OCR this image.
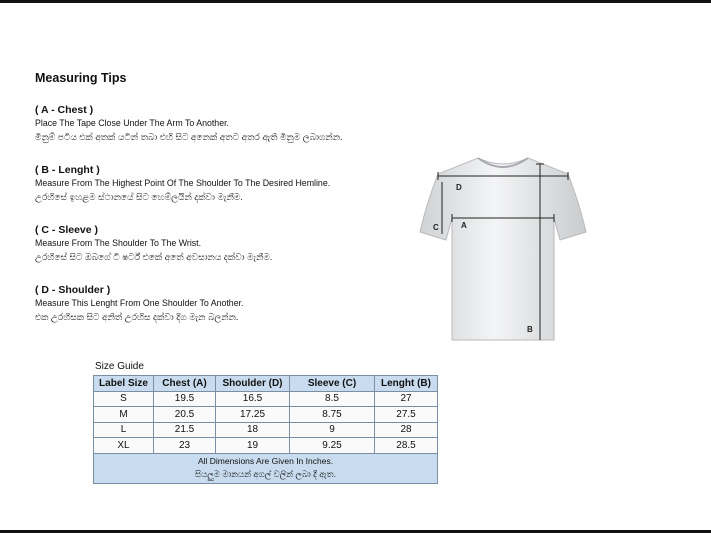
Measuring Tips
( A - Chest )
Place The Tape Close Under The Arm To Another.
මිනුම් පටිය එක් අතක් යටින් තබා එහි සිට අනෙක් අතට අතර ඇති මිනුම ලබාගන්න.
( B - Lenght )
Measure From The Highest Point Of The Shoulder To The Desired Hemline.
උරහිසේ ඉහළම ස්ථානයේ සිට හෙම්ලයින් දක්වා මැනීම.
( C - Sleeve )
Measure From The Shoulder To The Wrist.
උරහිසේ සිට ඔබගේ ටී ෂර්ට් එකේ අතේ අවසානය දක්වා මැනීම.
( D - Shoulder )
Measure This Lenght From One Shoulder To Another.
එක උරහිසක සිට අනිත් උරහිස දක්වා දිග මැන බලන්න.
D
A
C
B
Size Guide
Label Size	Chest (A)	Shoulder (D)	Sleeve (C)	Lenght (B)
S	19.5	16.5	8.5	27
M	20.5	17.25	8.75	27.5
L	21.5	18	9	28
XL	23	19	9.25	28.5

All Dimensions Are Given In Inches.
සියලුම මානයන් අගල් වලින් ලබා දී ඇත.				
